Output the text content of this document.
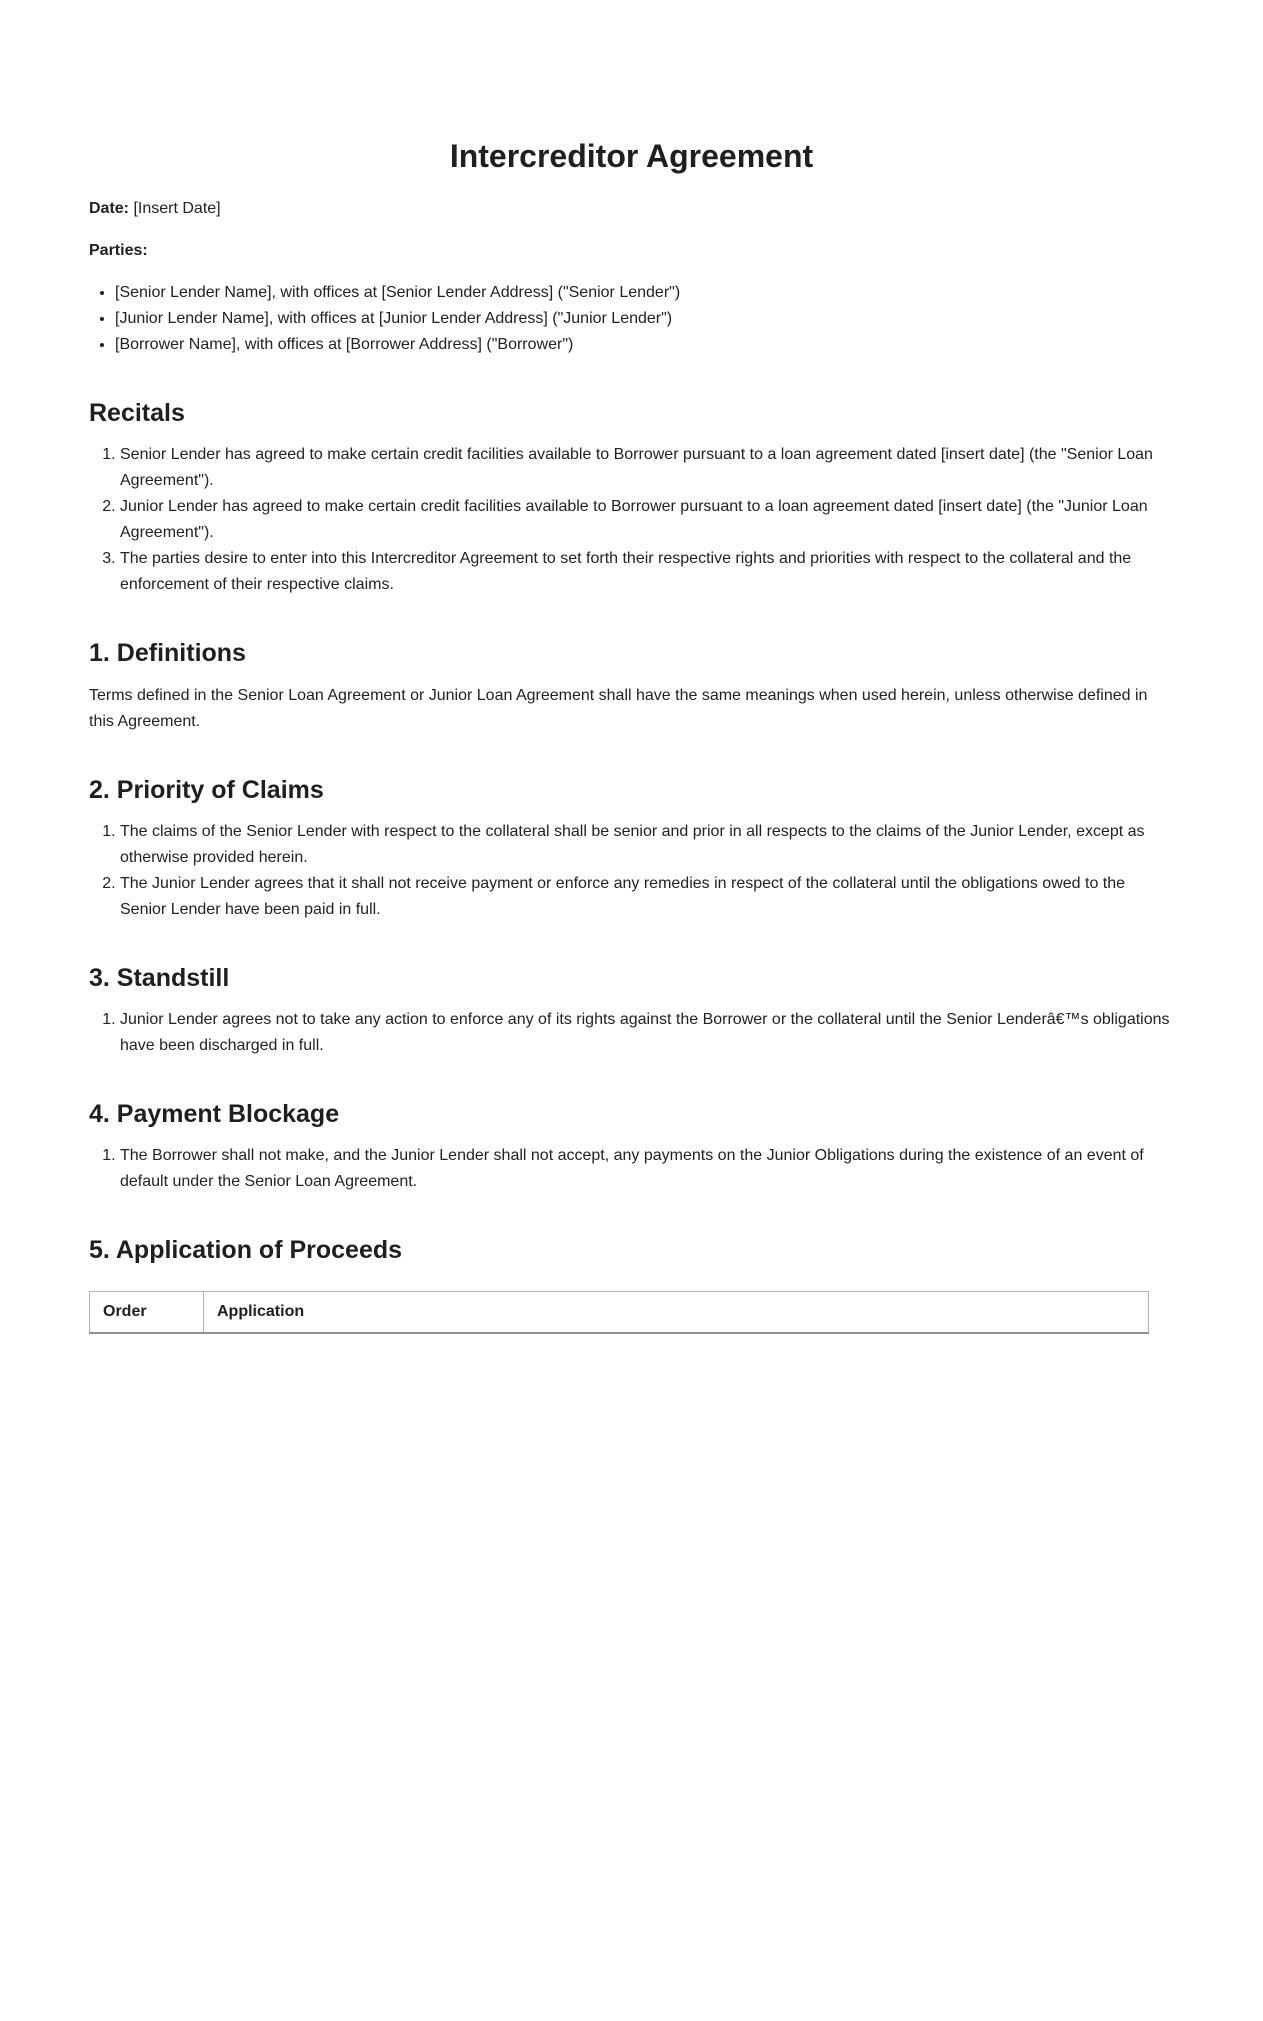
Intercreditor Agreement

Date: [Insert Date]

Parties:

• [Senior Lender Name], with offices at [Senior Lender Address] ("Senior Lender")
• [Junior Lender Name], with offices at [Junior Lender Address] ("Junior Lender")
• [Borrower Name], with offices at [Borrower Address] ("Borrower")
Recitals
1. Senior Lender has agreed to make certain credit facilities available to Borrower pursuant to a loan agreement dated [insert date] (the "Senior Loan Agreement").
2. Junior Lender has agreed to make certain credit facilities available to Borrower pursuant to a loan agreement dated [insert date] (the "Junior Loan Agreement").
3. The parties desire to enter into this Intercreditor Agreement to set forth their respective rights and priorities with respect to the collateral and the enforcement of their respective claims.
1. Definitions

Terms defined in the Senior Loan Agreement or Junior Loan Agreement shall have the same meanings when used herein, unless otherwise defined in this Agreement.

2. Priority of Claims
1. The claims of the Senior Lender with respect to the collateral shall be senior and prior in all respects to the claims of the Junior Lender, except as otherwise provided herein.
2. The Junior Lender agrees that it shall not receive payment or enforce any remedies in respect of the collateral until the obligations owed to the Senior Lender have been paid in full.
3. Standstill
1. Junior Lender agrees not to take any action to enforce any of its rights against the Borrower or the collateral until the Senior Lenderâ€™s obligations have been discharged in full.
4. Payment Blockage
1. The Borrower shall not make, and the Junior Lender shall not accept, any payments on the Junior Obligations during the existence of an event of default under the Senior Loan Agreement.
5. Application of Proceeds
Order	Application
